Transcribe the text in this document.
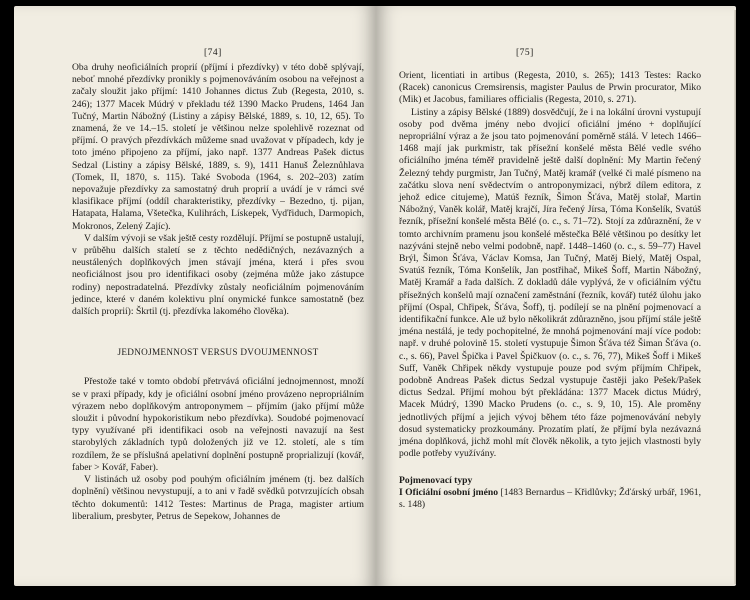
[74]

Oba druhy neoficiálních proprií (příjmí i přezdívky) v této době splývají, neboť mnohé přezdívky pronikly s pojmenováváním osobou na veřejnost a začaly sloužit jako příjmí: 1410 Johannes dictus Zub (Regesta, 2010, s. 246); 1377 Macek Múdrý v překladu též 1390 Macko Prudens, 1464 Jan Tučný, Martin Nábožný (Listiny a zápisy Bělské, 1889, s. 10, 12, 65). To znamená, že ve 14.–15. století je většinou nelze spolehlivě rozeznat od příjmí. O pravých přezdívkách můžeme snad uvažovat v případech, kdy je toto jméno připojeno za příjmí, jako např. 1377 Andreas Pašek dictus Sedzal (Listiny a zápisy Bělské, 1889, s. 9), 1411 Hanuš Železnůhlava (Tomek, II, 1870, s. 115). Také Svoboda (1964, s. 202–203) zatím nepovažuje přezdívky za samostatný druh proprií a uvádí je v rámci své klasifikace příjmí (oddíl charakteristiky, přezdívky – Bezedno, tj. pijan, Hatapata, Halama, Všetečka, Kulihrách, Lískepek, Vyďřiduch, Darmopich, Mokronos, Zelený Zajíc).

V dalším vývoji se však ještě cesty rozdělují. Příjmí se postupně ustalují, v průběhu dalších staletí se z těchto nedědičných, nezávazných a neustálených doplňkových jmen stávají jména, která i přes svou neoficiálnost jsou pro identifikaci osoby (zejména může jako zástupce rodiny) nepostradatelná. Přezdívky zůstaly neoficiálním pojmenováním jedince, které v daném kolektivu plní onymické funkce samostatně (bez dalších proprií): Škrtil (tj. přezdívka lakomého člověka).

JEDNOJMENNOST VERSUS DVOUJMENNOST

Přestože také v tomto období přetrvává oficiální jednojmennost, množí se v praxi případy, kdy je oficiální osobní jméno provázeno nepropriálním výrazem nebo doplňkovým antroponymem – příjmím (jako příjmí může sloužit i původní hypokoristikum nebo přezdívka). Soudobé pojmenovací typy využívané při identifikaci osob na veřejnosti navazují na šest starobylých základních typů doložených již ve 12. století, ale s tím rozdílem, že se příslušná apelativní doplnění postupně proprializují (kovář, faber > Kovář, Faber).

V listinách už osoby pod pouhým oficiálním jménem (tj. bez dalších doplnění) většinou nevystupují, a to ani v řadě svědků potvrzujících obsah těchto dokumentů: 1412 Testes: Martinus de Praga, magister artium liberalium, presbyter, Petrus de Sepekow, Johannes de

[75]

Orient, licentiati in artibus (Regesta, 2010, s. 265); 1413 Testes: Racko (Racek) canonicus Cremsirensis, magister Paulus de Prwin procurator, Miko (Mik) et Jacobus, familiares officialis (Regesta, 2010, s. 271).

Listiny a zápisy Bělské (1889) dosvědčují, že i na lokální úrovni vystupují osoby pod dvěma jmény nebo dvojicí oficiální jméno + doplňující nepropriální výraz a že jsou tato pojmenování poměrně stálá. V letech 1466–1468 mají jak purkmistr, tak přísežní konšelé města Bělé vedle svého oficiálního jména téměř pravidelně ještě další doplnění: My Martin řečený Železný tehdy purgmistr, Jan Tučný, Matěj kramář (velké či malé písmeno na začátku slova není svědectvím o antroponymizaci, nýbrž dílem editora, z jehož edice citujeme), Matúš řezník, Šimon Šťáva, Matěj stolař, Martin Nábožný, Vaněk kolář, Matěj krajčí, Jíra řečený Jírsa, Tóma Konšelík, Svatúš řezník, přísežní konšelé města Bělé (o. c., s. 71–72). Stojí za zdůraznění, že v tomto archivním pramenu jsou konšelé městečka Bělé většinou po desítky let nazýváni stejně nebo velmi podobně, např. 1448–1460 (o. c., s. 59–77) Havel Brýl, Šimon Šťáva, Václav Komsa, Jan Tučný, Matěj Bielý, Matěj Ospal, Svatúš řezník, Tóma Konšelík, Jan postřihač, Mikeš Šoff, Martin Nábožný, Matěj Kramář a řada dalších. Z dokladů dále vyplývá, že v oficiálním výčtu přísežných konšelů mají označení zaměstnání (řezník, kovář) tutéž úlohu jako příjmí (Ospal, Chřipek, Šťáva, Šoff), tj. podílejí se na plnění pojmenovací a identifikační funkce. Ale už bylo několikrát zdůrazněno, jsou příjmí stále ještě jména nestálá, je tedy pochopitelné, že mnohá pojmenování mají více podob: např. v druhé polovině 15. století vystupuje Šimon Šťáva též Šiman Šťáva (o. c., s. 66), Pavel Špička i Pavel Špičkuov (o. c., s. 76, 77), Mikeš Šoff i Mikeš Suff, Vaněk Chřipek někdy vystupuje pouze pod svým příjmím Chřipek, podobně Andreas Pašek dictus Sedzal vystupuje častěji jako Pešek/Pašek dictus Sedzal. Příjmí mohou být překládána: 1377 Macek dictus Múdrý, Macek Múdrý, 1390 Macko Prudens (o. c., s. 9, 10, 15). Ale proměny jednotlivých příjmí a jejich vývoj během této fáze pojmenovávání nebyly dosud systematicky prozkoumány. Prozatím platí, že příjmí byla nezávazná jména doplňková, jichž mohl mít člověk několik, a tyto jejich vlastnosti byly podle potřeby využívány.

Pojmenovací typy

I Oficiální osobní jméno [1483 Bernardus – Křidlůvky; Žďárský urbář, 1961, s. 148)
